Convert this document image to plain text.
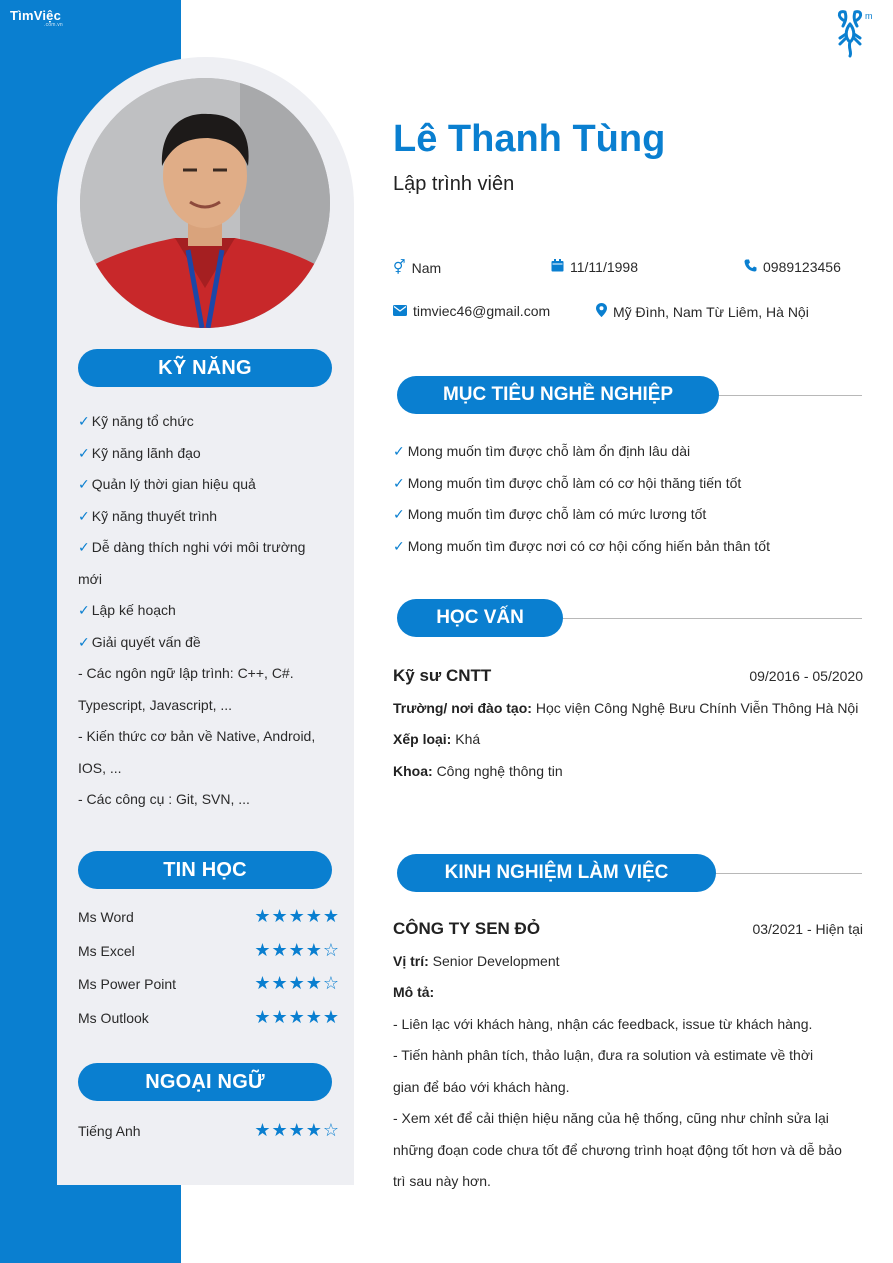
TìmViệc
.com.vn
m
KỸ NĂNG
✓ Kỹ năng tổ chức
✓ Kỹ năng lãnh đạo
✓ Quản lý thời gian hiệu quả
✓ Kỹ năng thuyết trình
✓ Dễ dàng thích nghi với môi trường mới
✓ Lập kế hoạch
✓ Giải quyết vấn đề
- Các ngôn ngữ lập trình: C++, C#. Typescript, Javascript, ...
- Kiến thức cơ bản về Native, Android, IOS, ...
- Các công cụ : Git, SVN, ...
TIN HỌC
Ms Word	★★★★★
Ms Excel	★★★★☆
Ms Power Point	★★★★☆
Ms Outlook	★★★★★
NGOẠI NGỮ
Tiếng Anh	★★★★☆
Lê Thanh Tùng
Lập trình viên
⚥ Nam	11/11/1998	0989123456
timviec46@gmail.com	Mỹ Đình, Nam Từ Liêm, Hà Nội
MỤC TIÊU NGHỀ NGHIỆP
✓ Mong muốn tìm được chỗ làm ổn định lâu dài
✓ Mong muốn tìm được chỗ làm có cơ hội thăng tiến tốt
✓ Mong muốn tìm được chỗ làm có mức lương tốt
✓ Mong muốn tìm được nơi có cơ hội cống hiến bản thân tốt
HỌC VẤN
Kỹ sư CNTT	09/2016 - 05/2020
Trường/ nơi đào tạo: Học viện Công Nghệ Bưu Chính Viễn Thông Hà Nội
Xếp loại: Khá
Khoa: Công nghệ thông tin
KINH NGHIỆM LÀM VIỆC
CÔNG TY SEN ĐỎ	03/2021 - Hiện tại
Vị trí: Senior Development
Mô tả:
- Liên lạc với khách hàng, nhận các feedback, issue từ khách hàng.
- Tiến hành phân tích, thảo luận, đưa ra solution và estimate về thời gian để báo với khách hàng.
- Xem xét để cải thiện hiệu năng của hệ thống, cũng như chỉnh sửa lại những đoạn code chưa tốt để chương trình hoạt động tốt hơn và dễ bảo trì sau này hơn.
